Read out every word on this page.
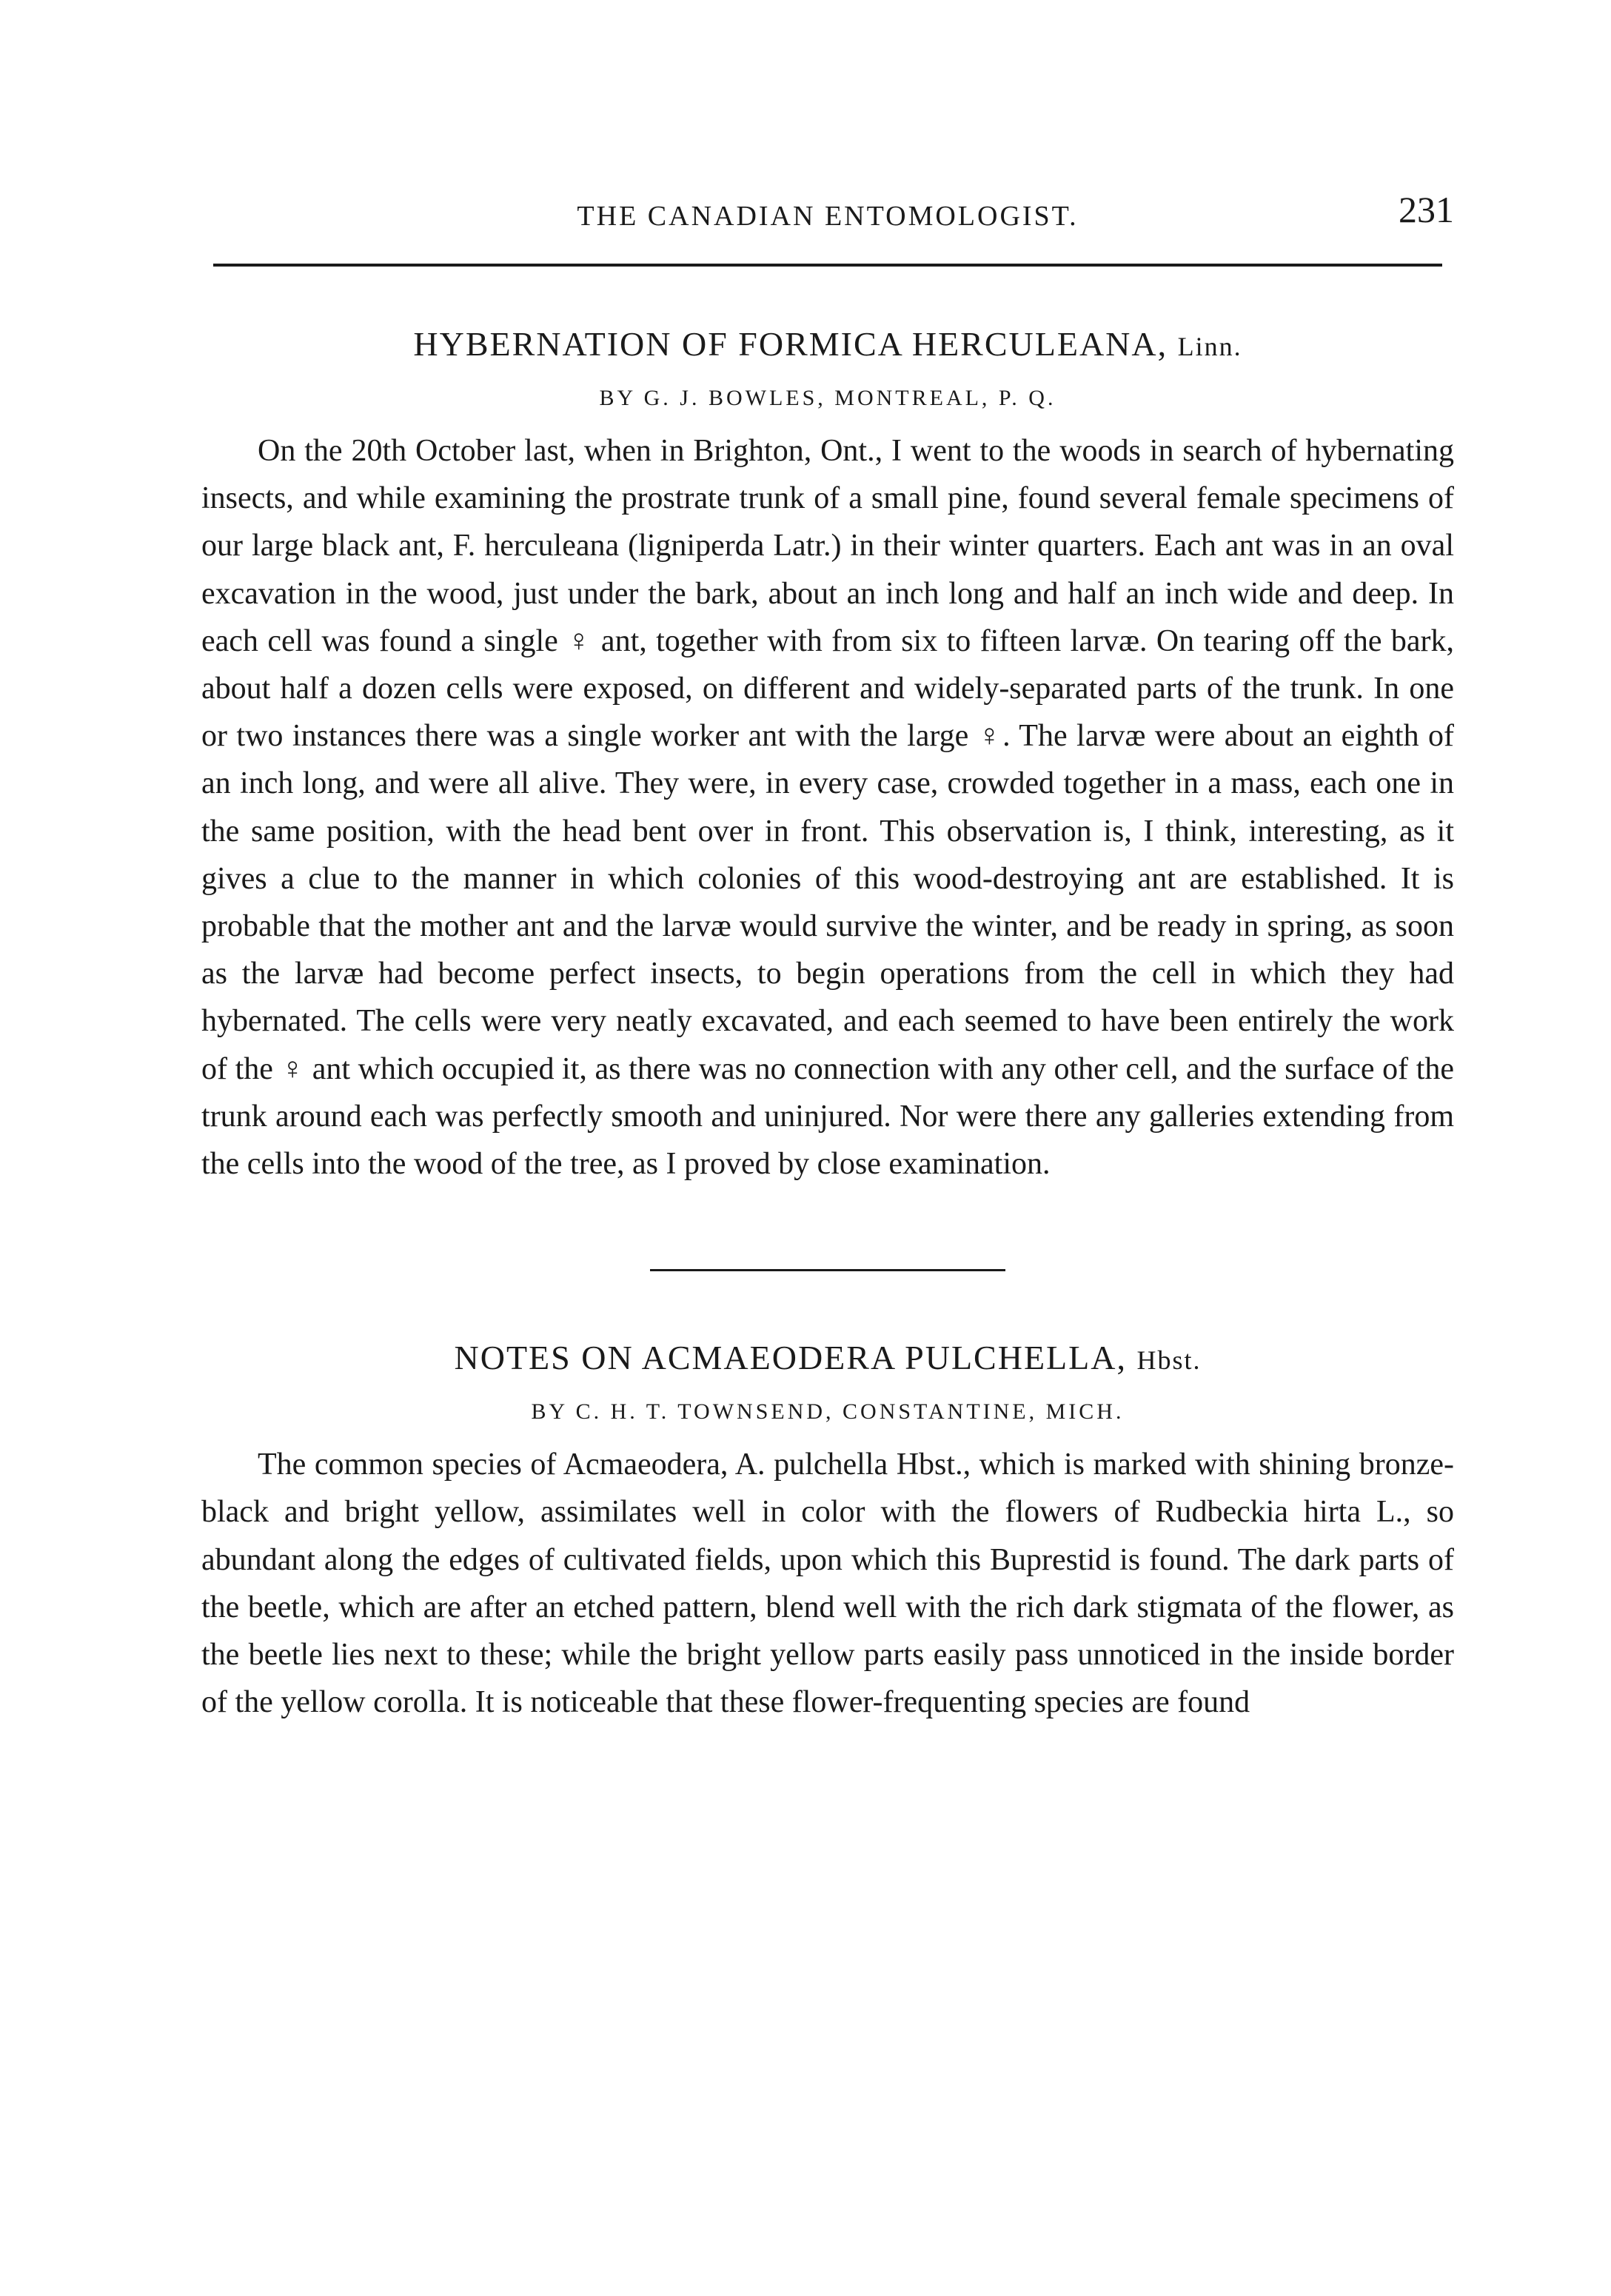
THE CANADIAN ENTOMOLOGIST.	231
HYBERNATION OF FORMICA HERCULEANA, Linn.
BY G. J. BOWLES, MONTREAL, P. Q.

On the 20th October last, when in Brighton, Ont., I went to the woods in search of hybernating insects, and while examining the prostrate trunk of a small pine, found several female specimens of our large black ant, F. herculeana (ligniperda Latr.) in their winter quarters. Each ant was in an oval excavation in the wood, just under the bark, about an inch long and half an inch wide and deep. In each cell was found a single ♀ ant, together with from six to fifteen larvæ. On tearing off the bark, about half a dozen cells were exposed, on different and widely-separated parts of the trunk. In one or two instances there was a single worker ant with the large ♀. The larvæ were about an eighth of an inch long, and were all alive. They were, in every case, crowded together in a mass, each one in the same position, with the head bent over in front. This observation is, I think, interesting, as it gives a clue to the manner in which colonies of this wood-destroying ant are established. It is probable that the mother ant and the larvæ would survive the winter, and be ready in spring, as soon as the larvæ had become perfect insects, to begin operations from the cell in which they had hybernated. The cells were very neatly excavated, and each seemed to have been entirely the work of the ♀ ant which occupied it, as there was no connection with any other cell, and the surface of the trunk around each was perfectly smooth and uninjured. Nor were there any galleries extending from the cells into the wood of the tree, as I proved by close examination.

NOTES ON ACMAEODERA PULCHELLA, Hbst.
BY C. H. T. TOWNSEND, CONSTANTINE, MICH.

The common species of Acmaeodera, A. pulchella Hbst., which is marked with shining bronze-black and bright yellow, assimilates well in color with the flowers of Rudbeckia hirta L., so abundant along the edges of cultivated fields, upon which this Buprestid is found. The dark parts of the beetle, which are after an etched pattern, blend well with the rich dark stigmata of the flower, as the beetle lies next to these; while the bright yellow parts easily pass unnoticed in the inside border of the yellow corolla. It is noticeable that these flower-frequenting species are found
